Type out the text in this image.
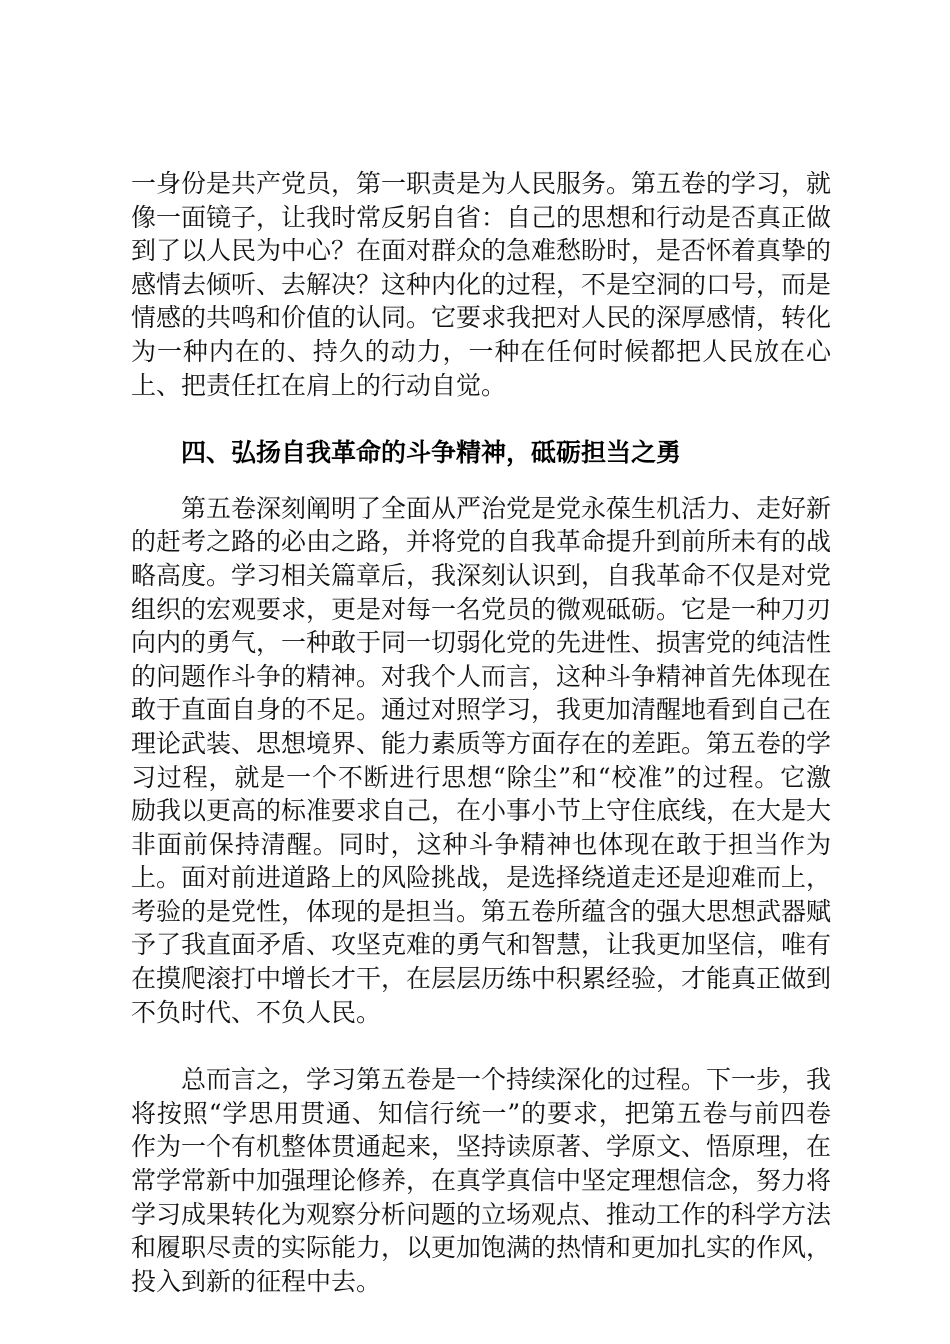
一身份是共产党员，第一职责是为人民服务。第五卷的学习，就像一面镜子，让我时常反躬自省：自己的思想和行动是否真正做到了以人民为中心？在面对群众的急难愁盼时，是否怀着真挚的感情去倾听、去解决？这种内化的过程，不是空洞的口号，而是情感的共鸣和价值的认同。它要求我把对人民的深厚感情，转化为一种内在的、持久的动力，一种在任何时候都把人民放在心上、把责任扛在肩上的行动自觉。

四、弘扬自我革命的斗争精神，砥砺担当之勇

第五卷深刻阐明了全面从严治党是党永葆生机活力、走好新的赶考之路的必由之路，并将党的自我革命提升到前所未有的战略高度。学习相关篇章后，我深刻认识到，自我革命不仅是对党组织的宏观要求，更是对每一名党员的微观砥砺。它是一种刀刃向内的勇气，一种敢于同一切弱化党的先进性、损害党的纯洁性的问题作斗争的精神。对我个人而言，这种斗争精神首先体现在敢于直面自身的不足。通过对照学习，我更加清醒地看到自己在理论武装、思想境界、能力素质等方面存在的差距。第五卷的学习过程，就是一个不断进行思想“除尘”和“校准”的过程。它激励我以更高的标准要求自己，在小事小节上守住底线，在大是大非面前保持清醒。同时，这种斗争精神也体现在敢于担当作为上。面对前进道路上的风险挑战，是选择绕道走还是迎难而上，考验的是党性，体现的是担当。第五卷所蕴含的强大思想武器赋予了我直面矛盾、攻坚克难的勇气和智慧，让我更加坚信，唯有在摸爬滚打中增长才干，在层层历练中积累经验，才能真正做到不负时代、不负人民。

总而言之，学习第五卷是一个持续深化的过程。下一步，我将按照“学思用贯通、知信行统一”的要求，把第五卷与前四卷作为一个有机整体贯通起来，坚持读原著、学原文、悟原理，在常学常新中加强理论修养，在真学真信中坚定理想信念，努力将学习成果转化为观察分析问题的立场观点、推动工作的科学方法和履职尽责的实际能力，以更加饱满的热情和更加扎实的作风，投入到新的征程中去。
